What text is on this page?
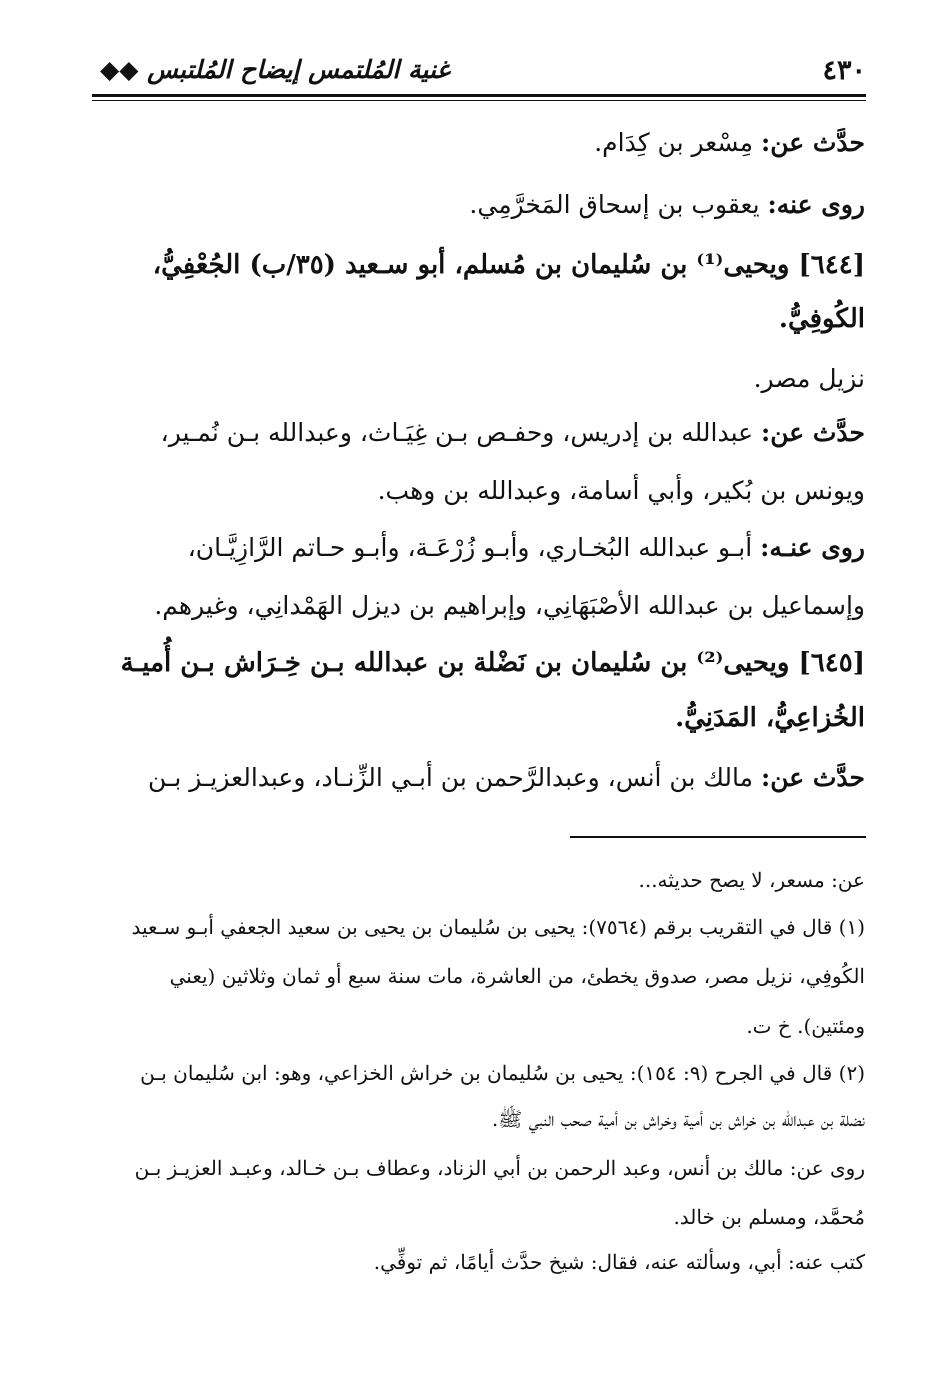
٤٣٠
غنية المُلتمس إيضاح المُلتبس ◆◆

حدَّث عن: مِسْعر بن كِدَام.

روى عنه: يعقوب بن إسحاق المَخرَّمِي.

[٦٤٤] ويحيى⁽¹⁾ بن سُليمان بن مُسلم، أبو سـعيد (٣٥/ب) الجُعْفِيُّ،

الكُوفِيُّ.

نزيل مصر.

حدَّث عن: عبدالله بن إدريس، وحفـص بـن غِيَـاث، وعبدالله بـن نُمـير،

ويونس بن بُكير، وأبي أسامة، وعبدالله بن وهب.

روى عنـه: أبـو عبدالله البُخـاري، وأبـو زُرْعَـة، وأبـو حـاتم الرَّازِيَّـان،

وإسماعيل بن عبدالله الأصْبَهَانِي، وإبراهيم بن ديزل الهَمْدانِي، وغيرهم.

[٦٤٥] ويحيى⁽²⁾ بن سُليمان بن نَضْلة بن عبدالله بـن خِـرَاش بـن أُميـة

الخُزاعِيُّ، المَدَنِيُّ.

حدَّث عن: مالك بن أنس، وعبدالرَّحمن بن أبـي الزِّنـاد، وعبدالعزيـز بـن

عن: مسعر، لا يصح حديثه...

(١) قال في التقريب برقم (٧٥٦٤): يحيى بن سُليمان بن يحيى بن سعيد الجعفي أبـو سـعيد

الكُوفِي، نزيل مصر، صدوق يخطئ، من العاشرة، مات سنة سبع أو ثمان وثلاثين (يعني

ومئتين). خ ت.

(٢) قال في الجرح (٩: ١٥٤): يحيى بن سُليمان بن خراش الخزاعي، وهو: ابن سُليمان بـن

نضلة بن عبدالله بن خراش بن أمية وخراش بن أمية صحب النبي ﷺ.

روى عن: مالك بن أنس، وعبد الرحمن بن أبي الزناد، وعطاف بـن خـالد، وعبـد العزيـز بـن

مُحمَّد، ومسلم بن خالد.

كتب عنه: أبي، وسألته عنه، فقال: شيخ حدَّث أيامًا، ثم توفِّي.
